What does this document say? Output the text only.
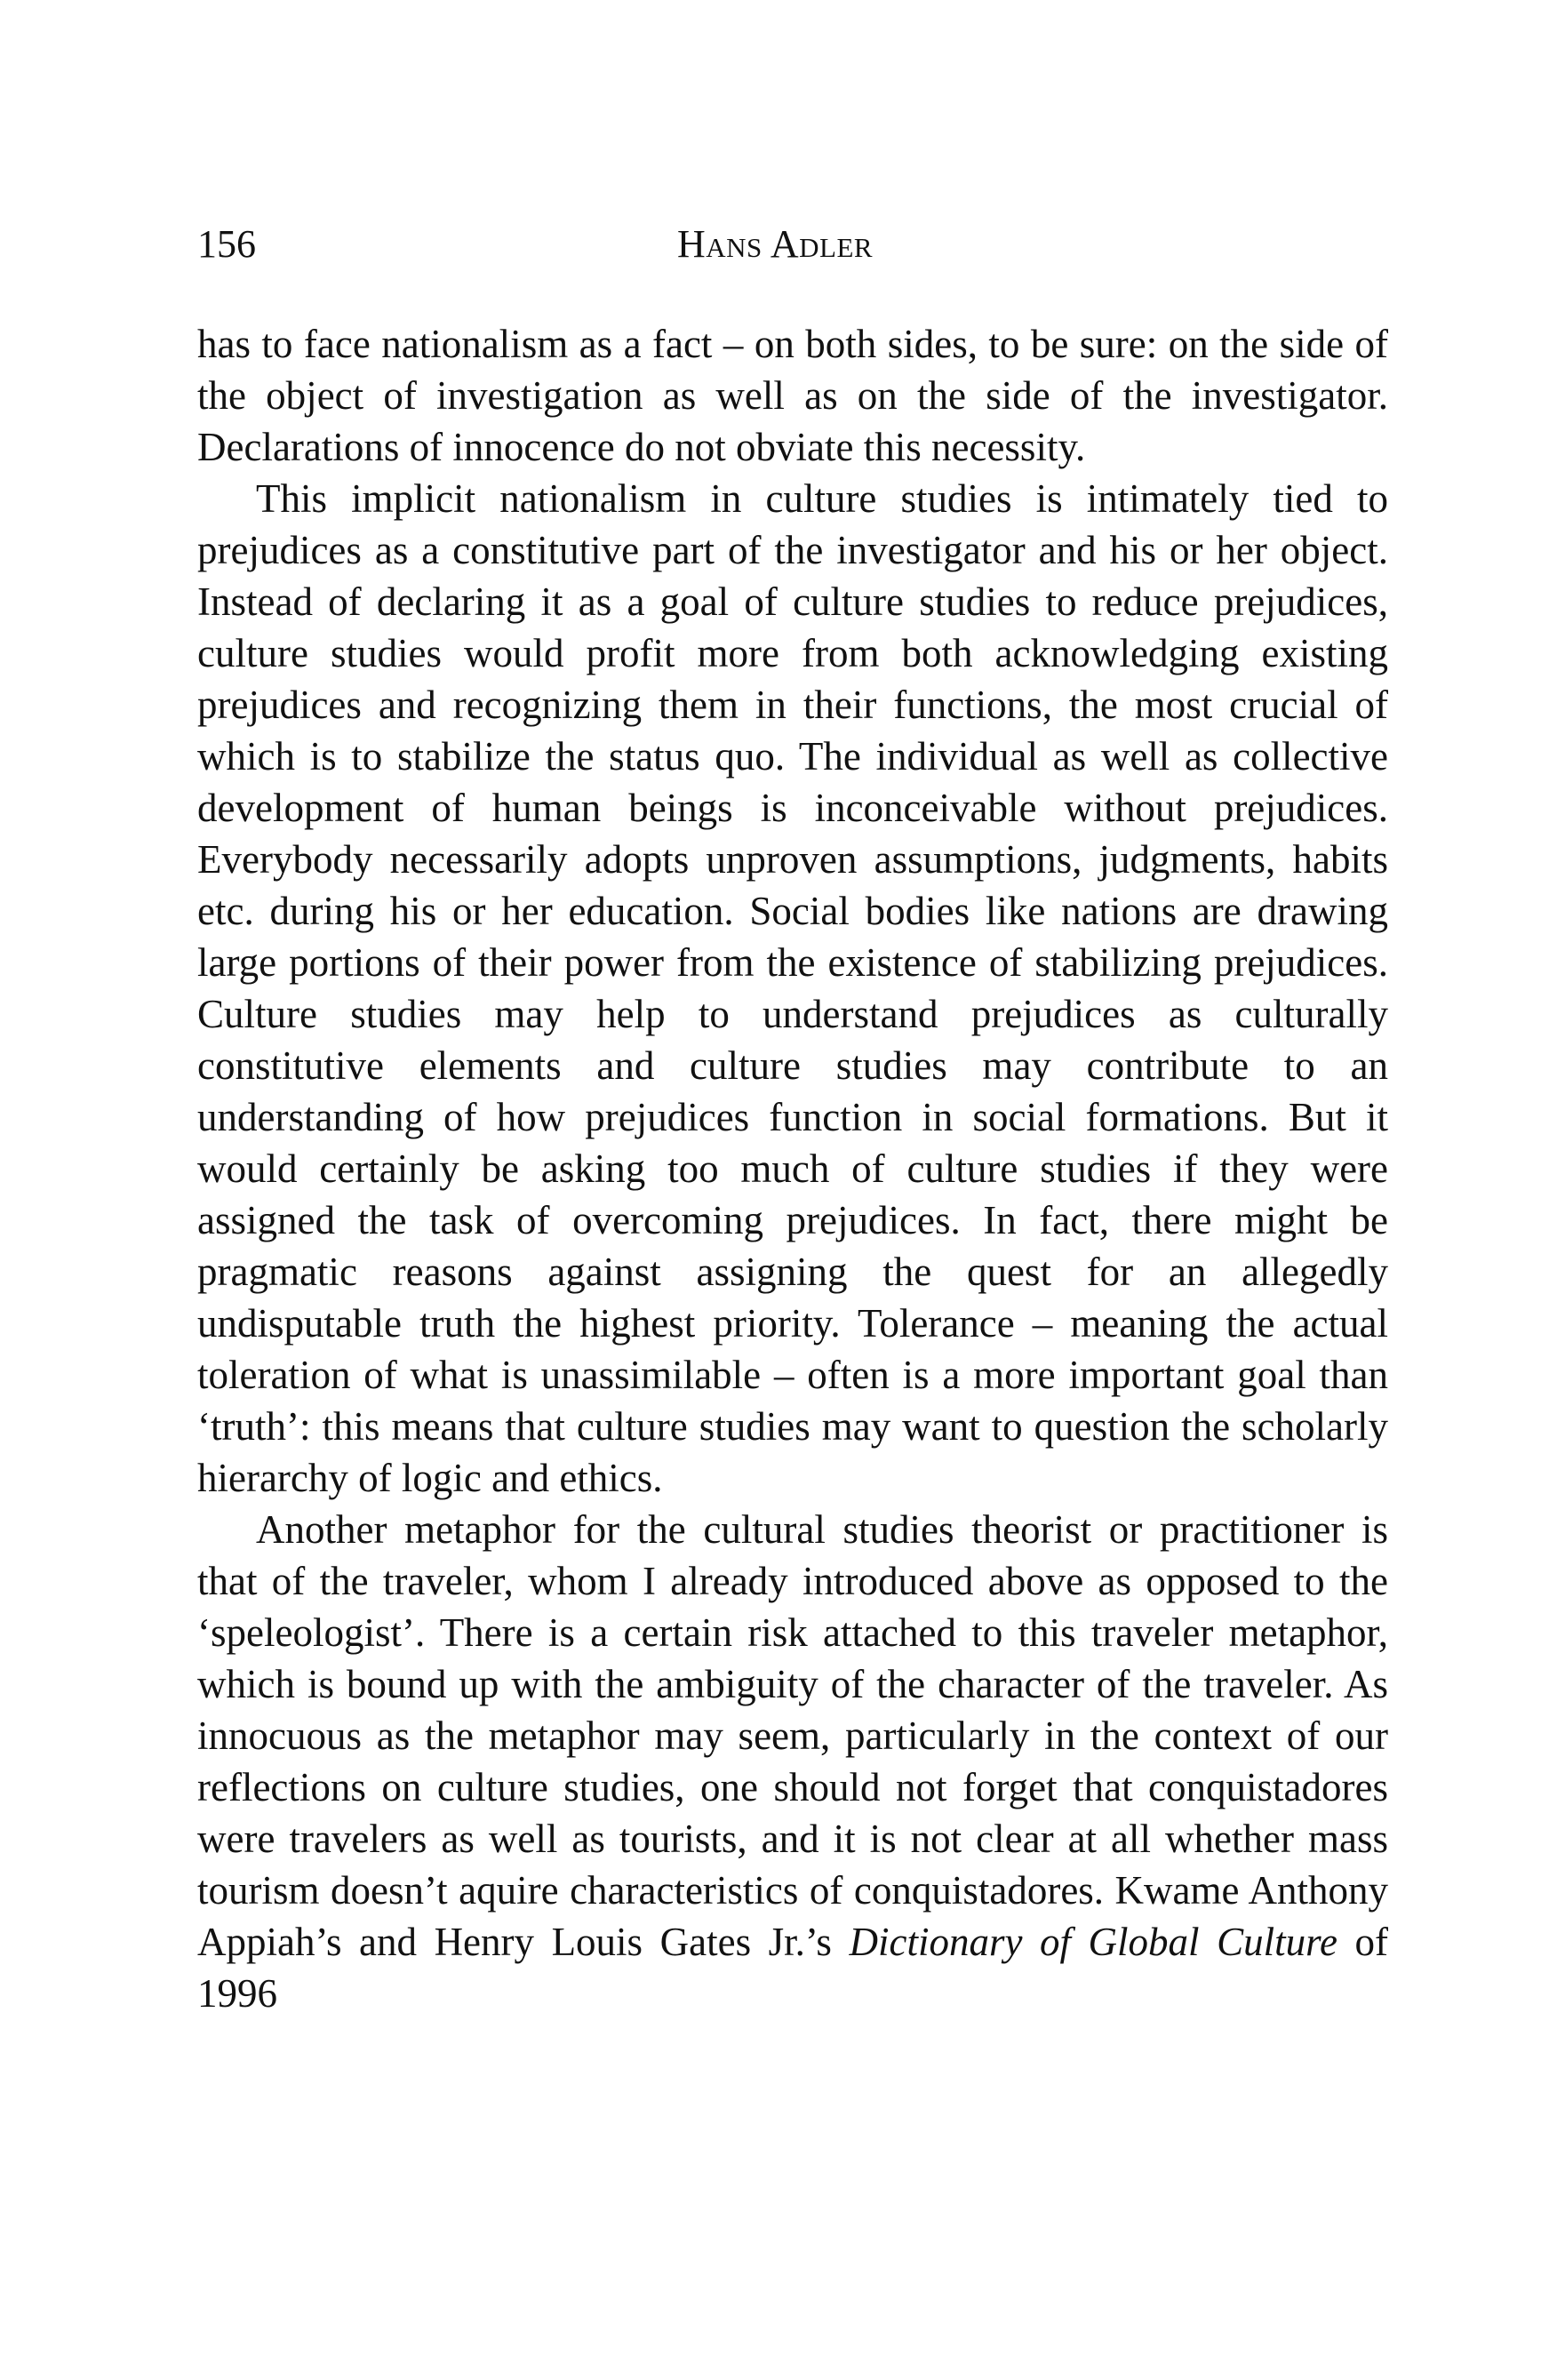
156	Hans Adler

has to face nationalism as a fact – on both sides, to be sure: on the side of the object of investigation as well as on the side of the investigator. Declarations of innocence do not obviate this necessity.

This implicit nationalism in culture studies is intimately tied to prejudices as a constitutive part of the investigator and his or her object. Instead of declaring it as a goal of culture studies to reduce prejudices, culture studies would profit more from both acknowledging existing prejudices and recognizing them in their functions, the most crucial of which is to stabilize the status quo. The individual as well as collective development of human beings is inconceivable without prejudices. Everybody necessarily adopts unproven assumptions, judgments, habits etc. during his or her education. Social bodies like nations are drawing large portions of their power from the existence of stabilizing prejudices. Culture studies may help to understand prejudices as culturally constitutive elements and culture studies may contribute to an understanding of how prejudices function in social formations. But it would certainly be asking too much of culture studies if they were assigned the task of overcoming prejudices. In fact, there might be pragmatic reasons against assigning the quest for an allegedly undisputable truth the highest priority. Tolerance – meaning the actual toleration of what is unassimilable – often is a more important goal than ‘truth’: this means that culture studies may want to question the scholarly hierarchy of logic and ethics.

Another metaphor for the cultural studies theorist or practitioner is that of the traveler, whom I already introduced above as opposed to the ‘speleologist’. There is a certain risk attached to this traveler metaphor, which is bound up with the ambiguity of the character of the traveler. As innocuous as the metaphor may seem, particularly in the context of our reflections on culture studies, one should not forget that conquistadores were travelers as well as tourists, and it is not clear at all whether mass tourism doesn’t aquire characteristics of conquistadores. Kwame Anthony Appiah’s and Henry Louis Gates Jr.’s Dictionary of Global Culture of 1996
